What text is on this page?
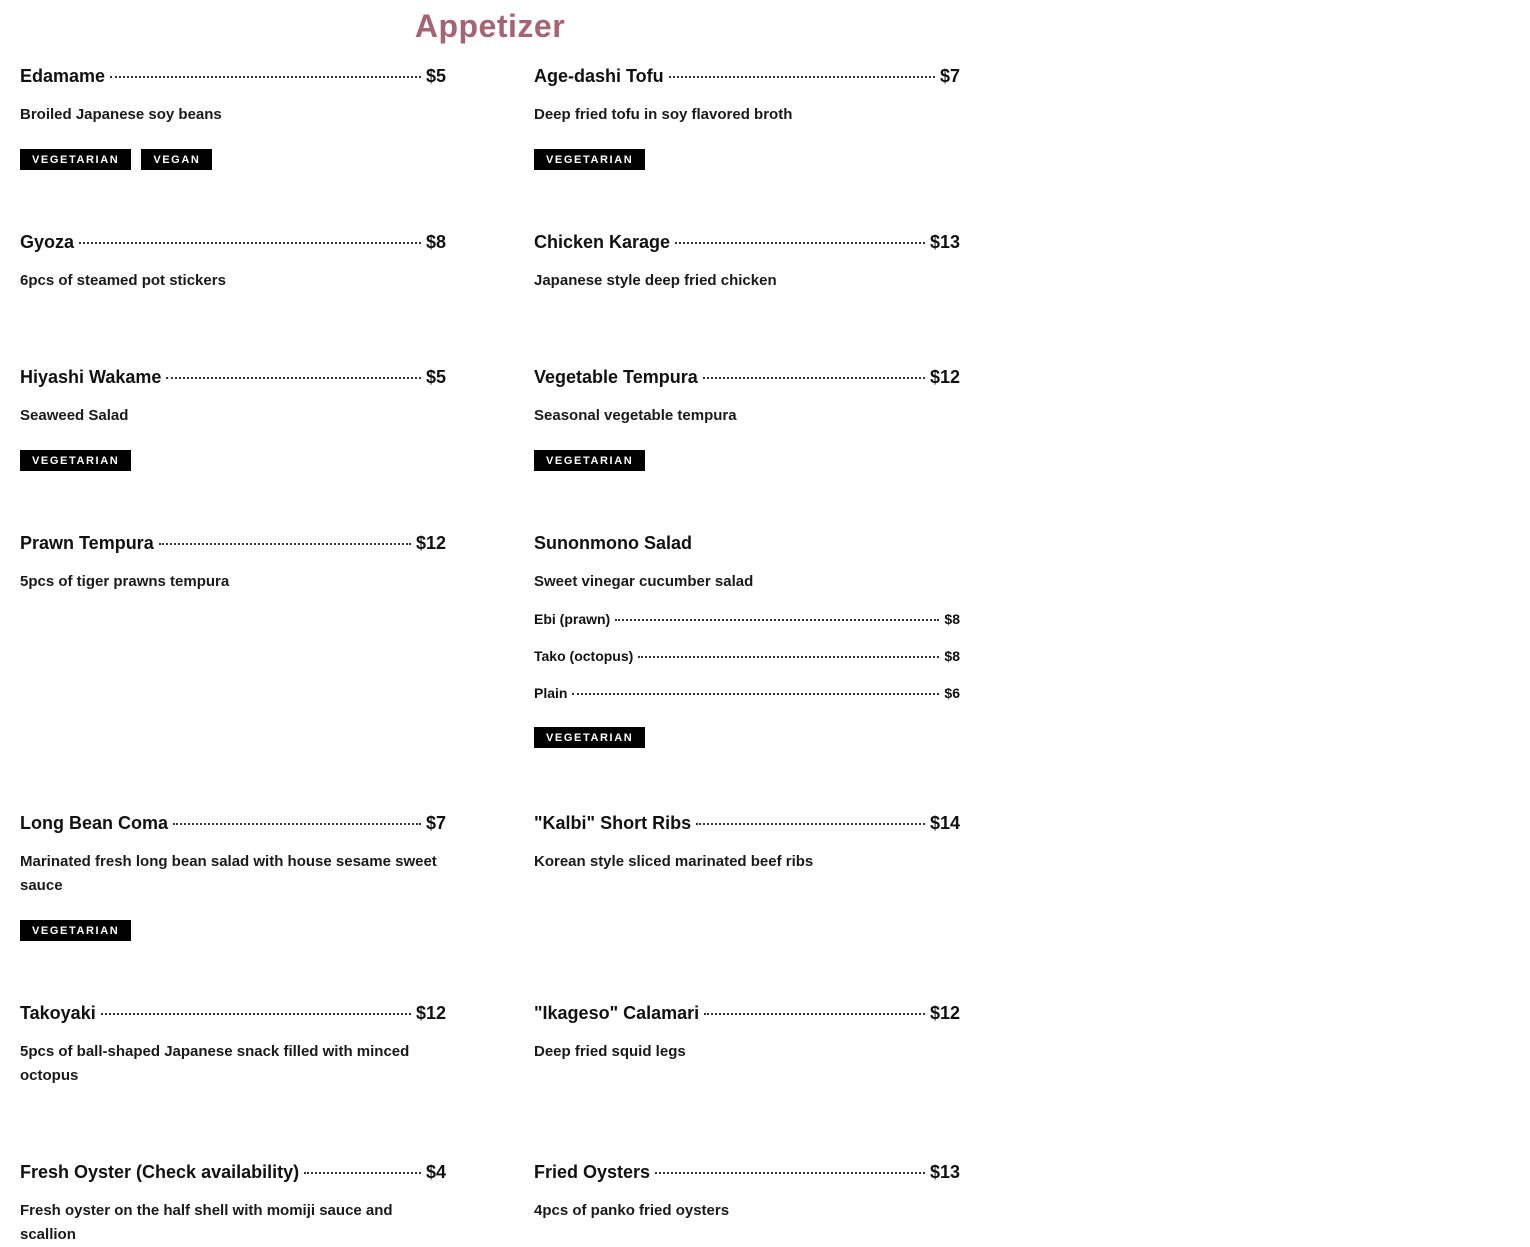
Appetizer
Edamame	$5
Broiled Japanese soy beans
VEGETARIAN	VEGAN
Age-dashi Tofu	$7
Deep fried tofu in soy flavored broth
VEGETARIAN
Gyoza	$8
6pcs of steamed pot stickers
Chicken Karage	$13
Japanese style deep fried chicken
Hiyashi Wakame	$5
Seaweed Salad
VEGETARIAN
Vegetable Tempura	$12
Seasonal vegetable tempura
VEGETARIAN
Prawn Tempura	$12
5pcs of tiger prawns tempura
Sunonmono Salad
Sweet vinegar cucumber salad
Ebi (prawn)	$8
Tako (octopus)	$8
Plain	$6
VEGETARIAN
Long Bean Coma	$7
Marinated fresh long bean salad with house sesame sweet sauce
VEGETARIAN
"Kalbi" Short Ribs	$14
Korean style sliced marinated beef ribs
Takoyaki	$12
5pcs of ball-shaped Japanese snack filled with minced octopus
"Ikageso" Calamari	$12
Deep fried squid legs
Fresh Oyster (Check availability)	$4
Fresh oyster on the half shell with momiji sauce and scallion
Fried Oysters	$13
4pcs of panko fried oysters
